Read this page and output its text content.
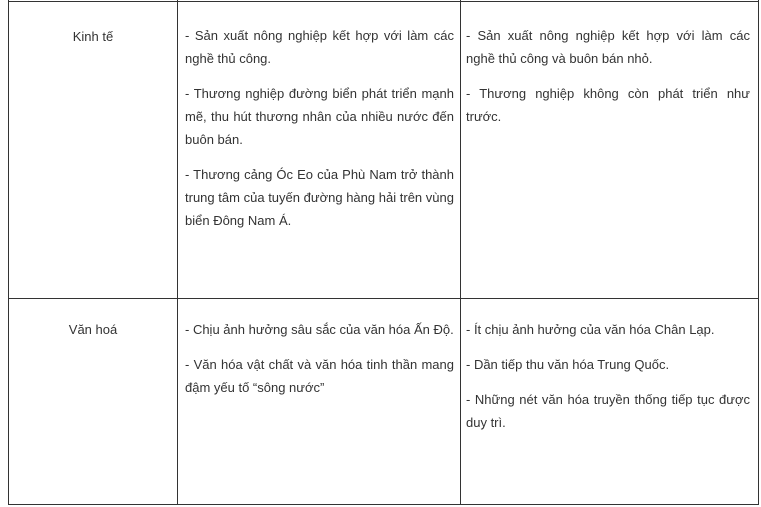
Kinh tế	- Sản xuất nông nghiệp kết hợp với làm các nghề thủ công.

- Thương nghiệp đường biển phát triển mạnh mẽ, thu hút thương nhân của nhiều nước đến buôn bán.

- Thương cảng Óc Eo của Phù Nam trở thành trung tâm của tuyến đường hàng hải trên vùng biển Đông Nam Á.

- Sản xuất nông nghiệp kết hợp với làm các nghề thủ công và buôn bán nhỏ.

- Thương nghiệp không còn phát triển như trước.

Văn hoá	- Chịu ảnh hưởng sâu sắc của văn hóa Ấn Độ.

- Văn hóa vật chất và văn hóa tinh thần mang đậm yếu tố “sông nước”

- Ít chịu ảnh hưởng của văn hóa Chân Lạp.

- Dần tiếp thu văn hóa Trung Quốc.

- Những nét văn hóa truyền thống tiếp tục được duy trì.
